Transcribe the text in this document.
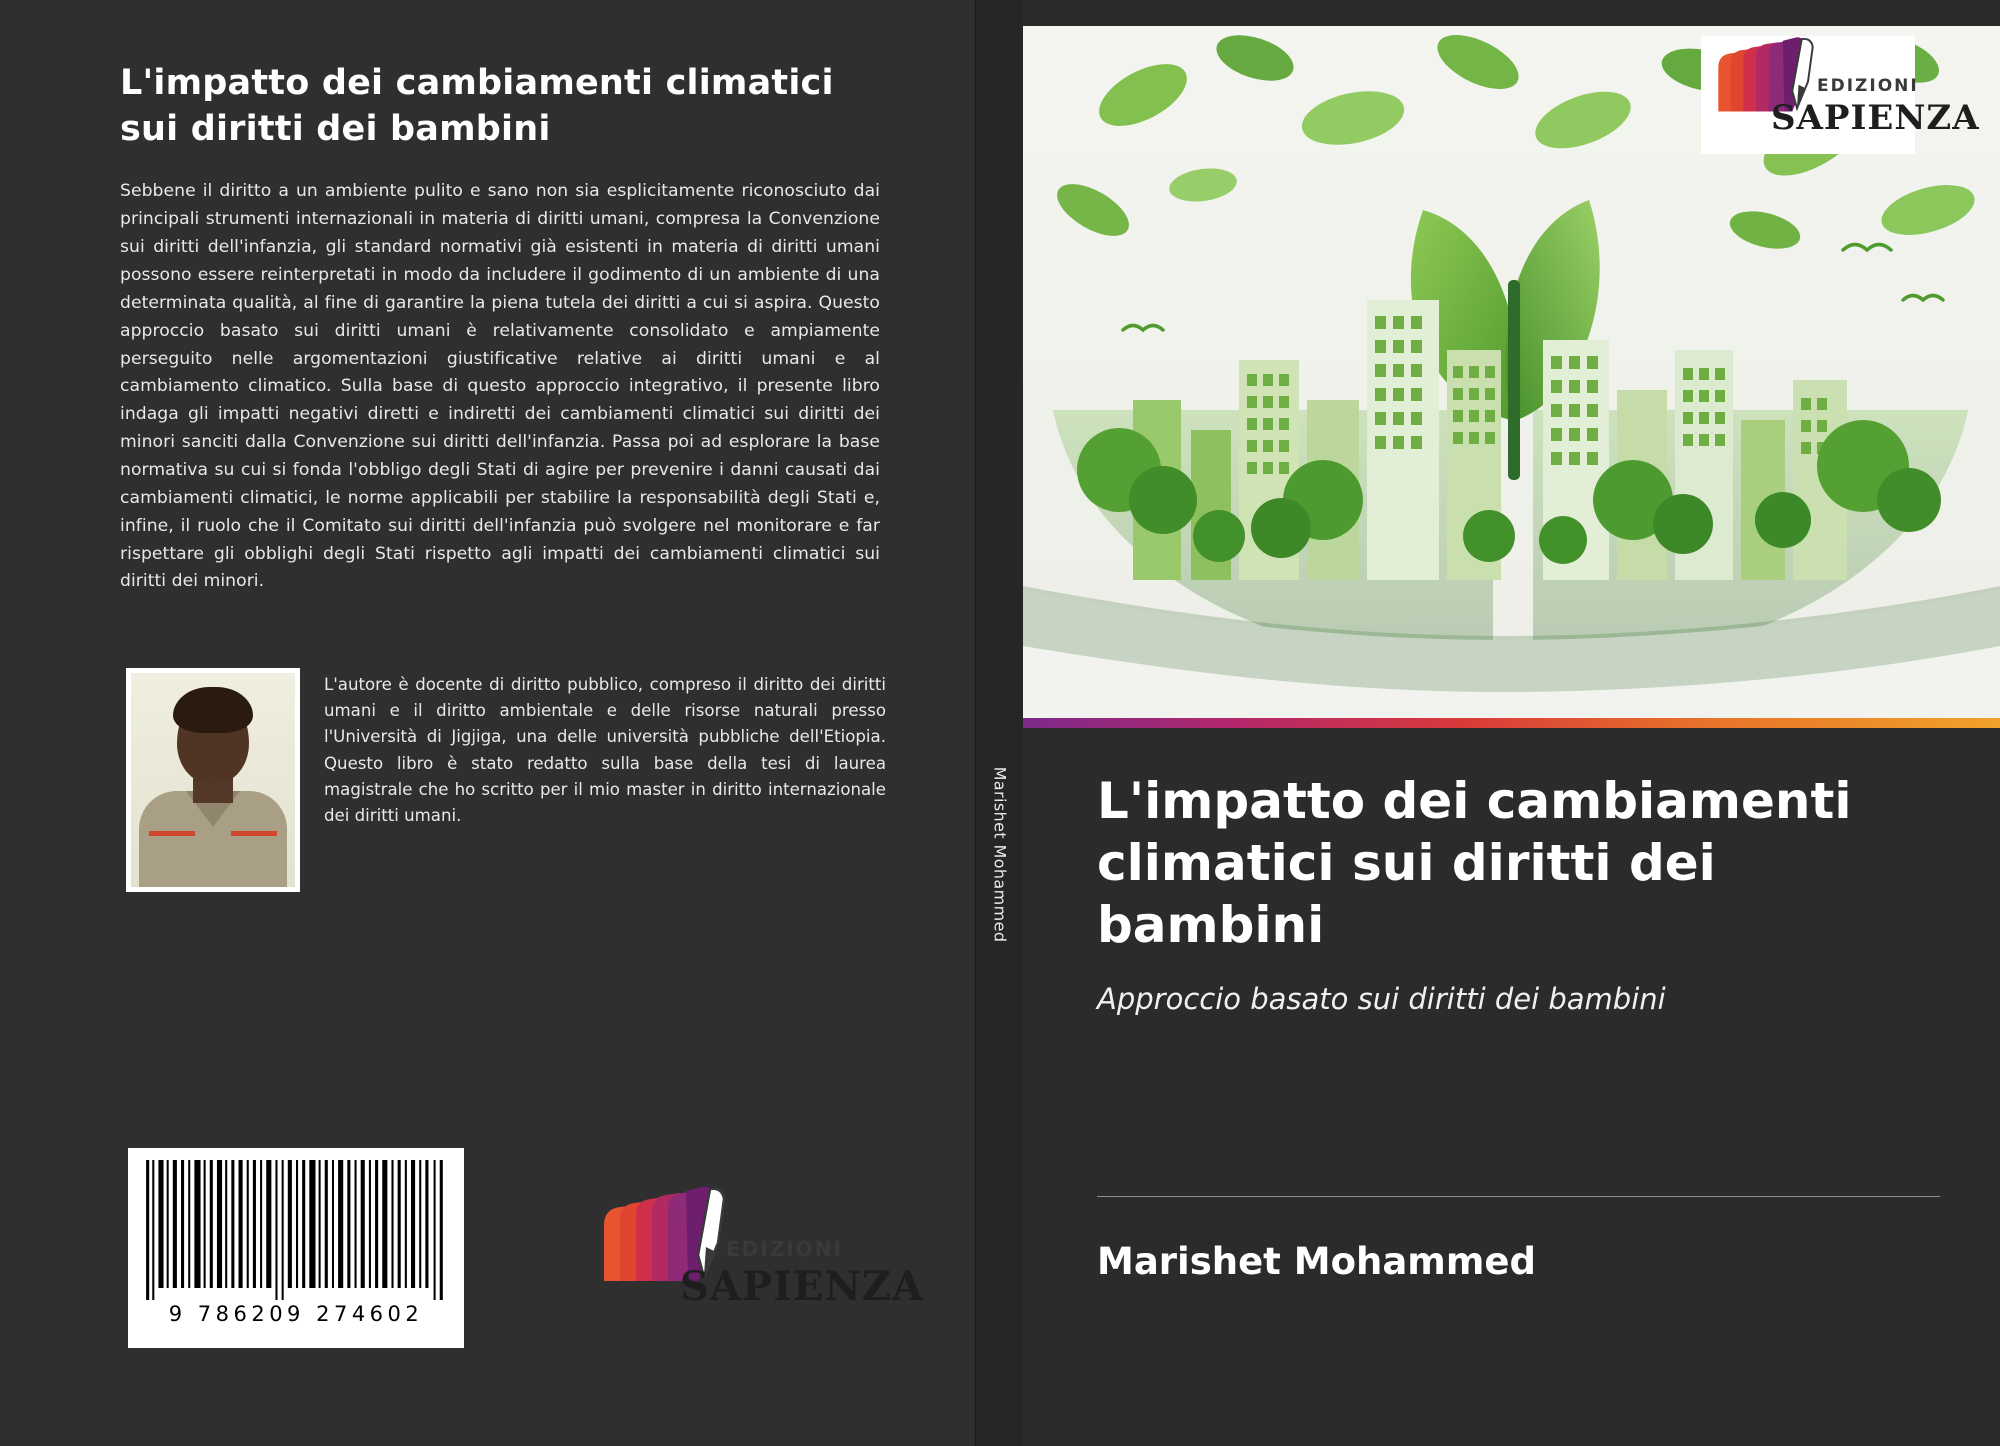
L'impatto dei cambiamenti climatici sui diritti dei bambini

Sebbene il diritto a un ambiente pulito e sano non sia esplicitamente riconosciuto dai principali strumenti internazionali in materia di diritti umani, compresa la Convenzione sui diritti dell'infanzia, gli standard normativi già esistenti in materia di diritti umani possono essere reinterpretati in modo da includere il godimento di un ambiente di una determinata qualità, al fine di garantire la piena tutela dei diritti a cui si aspira. Questo approccio basato sui diritti umani è relativamente consolidato e ampiamente perseguito nelle argomentazioni giustificative relative ai diritti umani e al cambiamento climatico. Sulla base di questo approccio integrativo, il presente libro indaga gli impatti negativi diretti e indiretti dei cambiamenti climatici sui diritti dei minori sanciti dalla Convenzione sui diritti dell'infanzia. Passa poi ad esplorare la base normativa su cui si fonda l'obbligo degli Stati di agire per prevenire i danni causati dai cambiamenti climatici, le norme applicabili per stabilire la responsabilità degli Stati e, infine, il ruolo che il Comitato sui diritti dell'infanzia può svolgere nel monitorare e far rispettare gli obblighi degli Stati rispetto agli impatti dei cambiamenti climatici sui diritti dei minori.

L'autore è docente di diritto pubblico, compreso il diritto dei diritti umani e il diritto ambientale e delle risorse naturali presso l'Università di Jigjiga, una delle università pubbliche dell'Etiopia. Questo libro è stato redatto sulla base della tesi di laurea magistrale che ho scritto per il mio master in diritto internazionale dei diritti umani.
9 786209 274602
EDIZIONI
SAPIENZA
Marishet Mohammed
EDIZIONI
SAPIENZA
L'impatto dei cambiamenti climatici sui diritti dei bambini

Approccio basato sui diritti dei bambini

Marishet Mohammed
